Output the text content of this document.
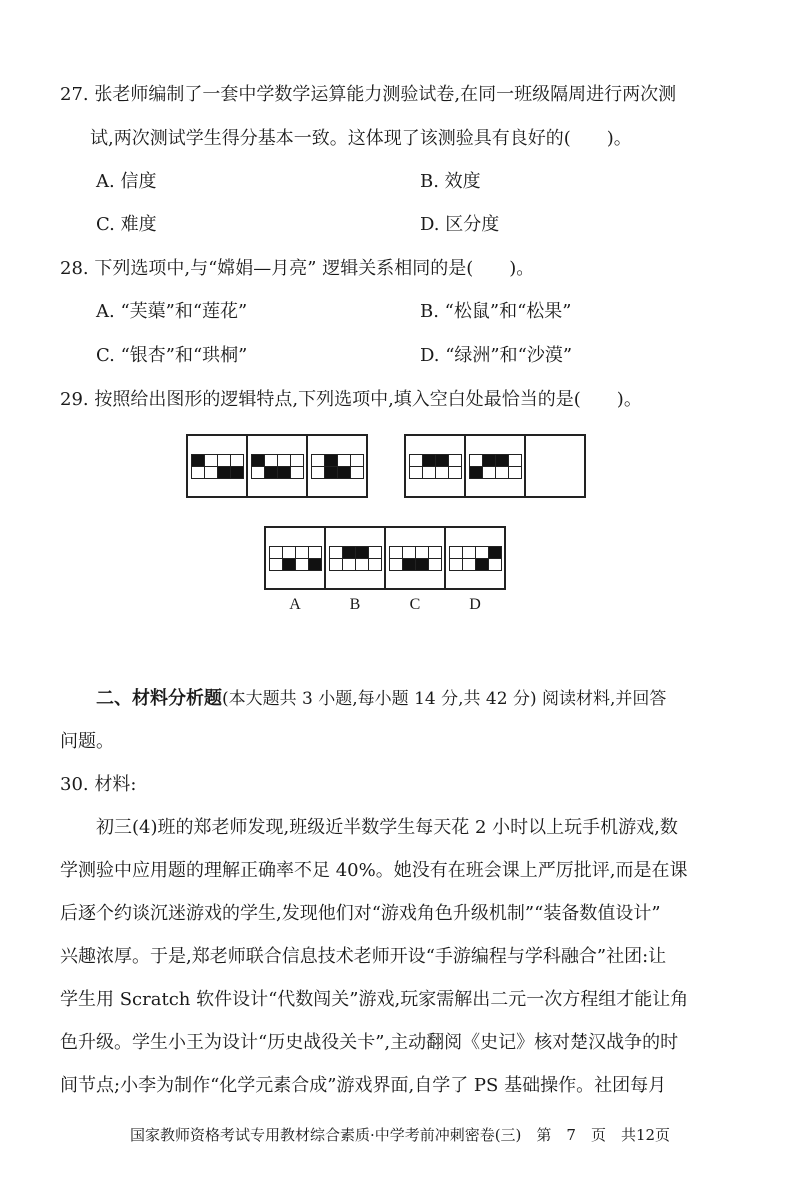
27. 张老师编制了一套中学数学运算能力测验试卷,在同一班级隔周进行两次测
试,两次测试学生得分基本一致。这体现了该测验具有良好的(　　)。
A. 信度	B. 效度
C. 难度	D. 区分度
28. 下列选项中,与“嫦娟—月亮” 逻辑关系相同的是(　　)。
A. “芙蕖”和“莲花”	B. “松鼠”和“松果”
C. “银杏”和“珙桐”	D. “绿洲”和“沙漠”
29. 按照给出图形的逻辑特点,下列选项中,填入空白处最恰当的是(　　)。
A	B	C	D
二、材料分析题(本大题共 3 小题,每小题 14 分,共 42 分) 阅读材料,并回答
问题。
30. 材料:
初三(4)班的郑老师发现,班级近半数学生每天花 2 小时以上玩手机游戏,数
学测验中应用题的理解正确率不足 40%。她没有在班会课上严厉批评,而是在课
后逐个约谈沉迷游戏的学生,发现他们对“游戏角色升级机制”“装备数值设计”
兴趣浓厚。于是,郑老师联合信息技术老师开设“手游编程与学科融合”社团:让
学生用 Scratch 软件设计“代数闯关”游戏,玩家需解出二元一次方程组才能让角
色升级。学生小王为设计“历史战役关卡”,主动翻阅《史记》核对楚汉战争的时
间节点;小李为制作“化学元素合成”游戏界面,自学了 PS 基础操作。社团每月
国家教师资格考试专用教材综合素质·中学考前冲刺密卷(三)　第　7　页　共12页
